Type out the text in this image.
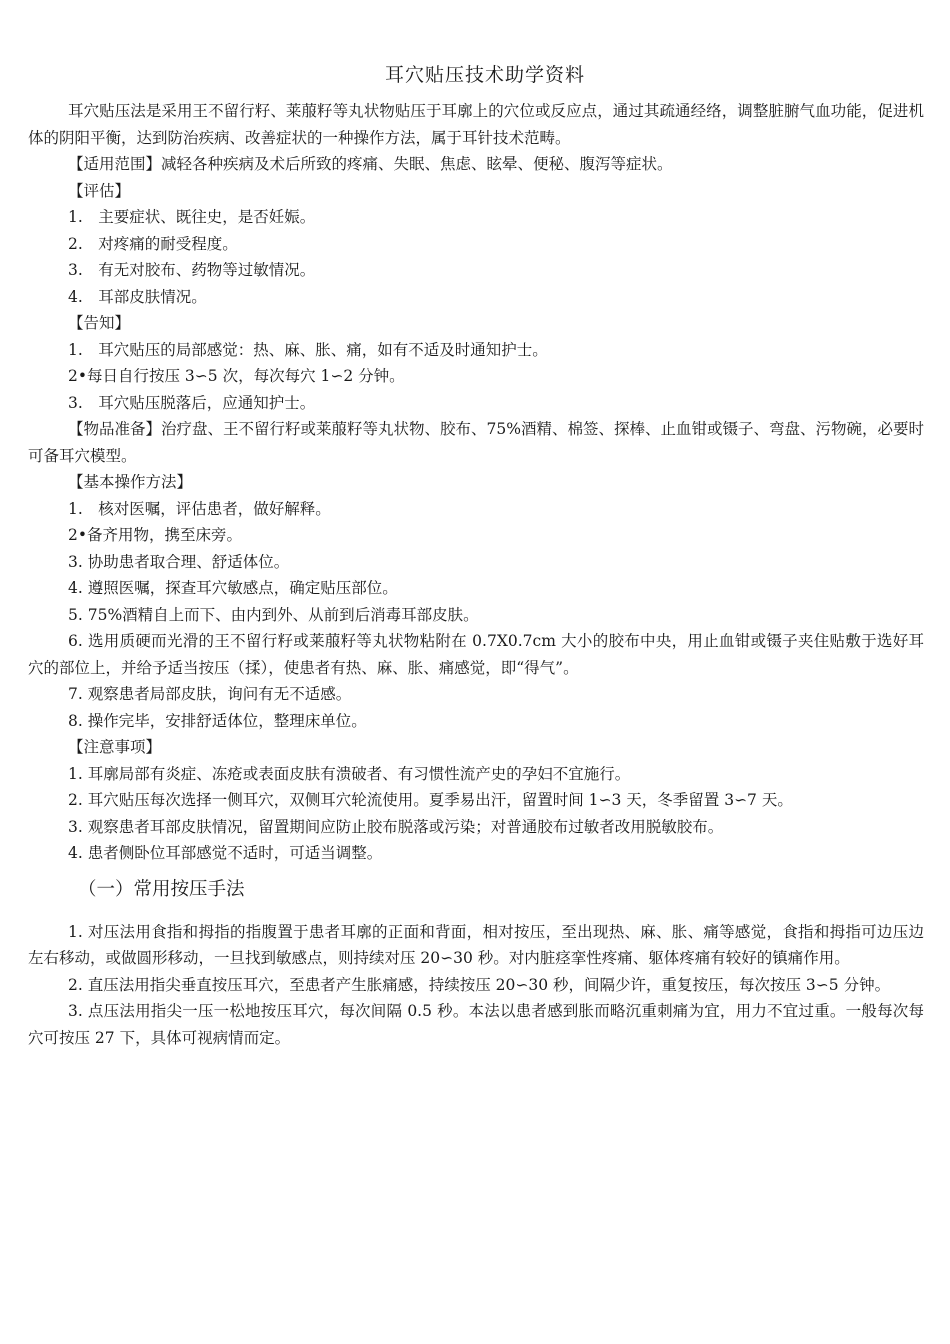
耳穴贴压技术助学资料

耳穴贴压法是采用王不留行籽、莱菔籽等丸状物贴压于耳廓上的穴位或反应点，通过其疏通经络，调整脏腑气血功能，促进机体的阴阳平衡，达到防治疾病、改善症状的一种操作方法，属于耳针技术范畴。

【适用范围】减轻各种疾病及术后所致的疼痛、失眠、焦虑、眩晕、便秘、腹泻等症状。

【评估】
1.　主要症状、既往史，是否妊娠。
2.　对疼痛的耐受程度。
3.　有无对胶布、药物等过敏情况。
4.　耳部皮肤情况。
【告知】
1.　耳穴贴压的局部感觉：热、麻、胀、痛，如有不适及时通知护士。
2•每日自行按压 3∽5 次，每次每穴 1∽2 分钟。
3.　耳穴贴压脱落后，应通知护士。

【物品准备】治疗盘、王不留行籽或莱菔籽等丸状物、胶布、75%酒精、棉签、探棒、止血钳或镊子、弯盘、污物碗，必要时可备耳穴模型。

【基本操作方法】

1.　核对医嘱，评估患者，做好解释。

2•备齐用物，携至床旁。

3. 协助患者取合理、舒适体位。

4. 遵照医嘱，探查耳穴敏感点，确定贴压部位。

5. 75%酒精自上而下、由内到外、从前到后消毒耳部皮肤。

6. 选用质硬而光滑的王不留行籽或莱菔籽等丸状物粘附在 0.7X0.7cm 大小的胶布中央，用止血钳或镊子夹住贴敷于选好耳穴的部位上，并给予适当按压（揉），使患者有热、麻、胀、痛感觉，即“得气”。

7. 观察患者局部皮肤，询问有无不适感。

8. 操作完毕，安排舒适体位，整理床单位。

【注意事项】

1. 耳廓局部有炎症、冻疮或表面皮肤有溃破者、有习惯性流产史的孕妇不宜施行。

2. 耳穴贴压每次选择一侧耳穴，双侧耳穴轮流使用。夏季易出汗，留置时间 1∽3 天，冬季留置 3∽7 天。

3. 观察患者耳部皮肤情况，留置期间应防止胶布脱落或污染；对普通胶布过敏者改用脱敏胶布。

4. 患者侧卧位耳部感觉不适时，可适当调整。

（一）常用按压手法

1. 对压法用食指和拇指的指腹置于患者耳廓的正面和背面，相对按压，至出现热、麻、胀、痛等感觉，食指和拇指可边压边左右移动，或做圆形移动，一旦找到敏感点，则持续对压 20∽30 秒。对内脏痉挛性疼痛、躯体疼痛有较好的镇痛作用。

2. 直压法用指尖垂直按压耳穴，至患者产生胀痛感，持续按压 20∽30 秒，间隔少许，重复按压，每次按压 3∽5 分钟。

3. 点压法用指尖一压一松地按压耳穴，每次间隔 0.5 秒。本法以患者感到胀而略沉重刺痛为宜，用力不宜过重。一般每次每穴可按压 27 下，具体可视病情而定。
